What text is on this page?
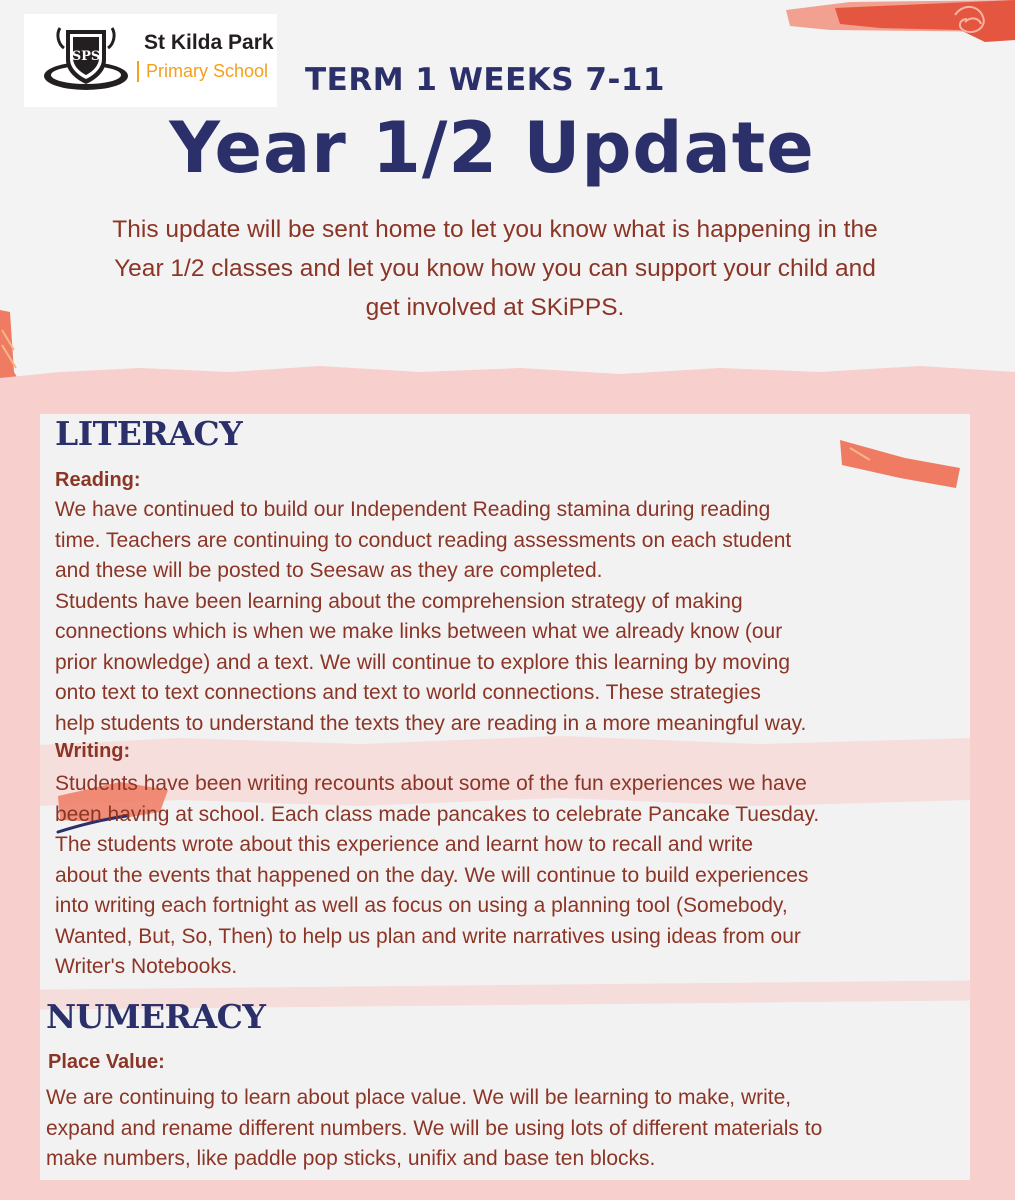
SPS
St Kilda Park
Primary School TERM 1 WEEKS 7-11
Year 1/2 Update
This update will be sent home to let you know what is happening in the Year 1/2 classes and let you know how you can support your child and get involved at SKiPPS.
LITERACY
Reading:
We have continued to build our Independent Reading stamina during reading
time. Teachers are continuing to conduct reading assessments on each student
and these will be posted to Seesaw as they are completed.
Students have been learning about the comprehension strategy of making
connections which is when we make links between what we already know (our
prior knowledge) and a text. We will continue to explore this learning by moving
onto text to text connections and text to world connections. These strategies
help students to understand the texts they are reading in a more meaningful way.
Writing:
Students have been writing recounts about some of the fun experiences we have
been having at school. Each class made pancakes to celebrate Pancake Tuesday.
The students wrote about this experience and learnt how to recall and write
about the events that happened on the day. We will continue to build experiences
into writing each fortnight as well as focus on using a planning tool (Somebody,
Wanted, But, So, Then) to help us plan and write narratives using ideas from our
Writer's Notebooks.
NUMERACY
Place Value:
We are continuing to learn about place value. We will be learning to make, write,
expand and rename different numbers. We will be using lots of different materials to
make numbers, like paddle pop sticks, unifix and base ten blocks.
